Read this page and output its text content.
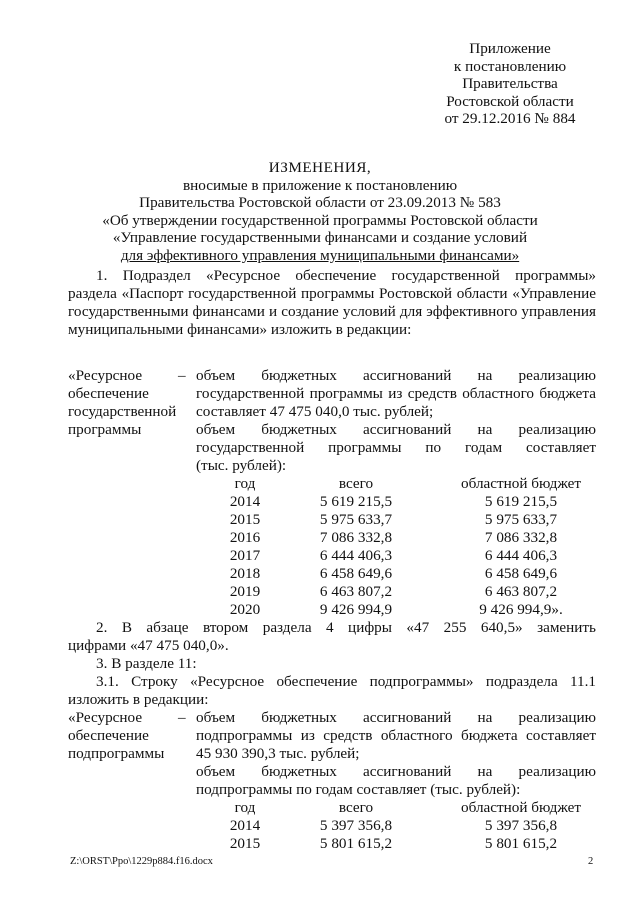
Приложение
к постановлению
Правительства
Ростовской области
от 29.12.2016 № 884
ИЗМЕНЕНИЯ,
вносимые в приложение к постановлению
Правительства Ростовской области от 23.09.2013 № 583
«Об утверждении государственной программы Ростовской области
«Управление государственными финансами и создание условий
для эффективного управления муниципальными финансами»
1. Подраздел «Ресурсное обеспечение государственной программы»
раздела «Паспорт государственной программы Ростовской области «Управление
государственными финансами и создание условий для эффективного управления
муниципальными финансами» изложить в редакции:
«Ресурсное
обеспечение
государственной
программы
– объем бюджетных ассигнований на реализацию
государственной программы из средств областного бюджета
составляет 47 475 040,0 тыс. рублей;
объем бюджетных ассигнований на реализацию
государственной программы по годам составляет
(тыс. рублей):
год	всего	областной бюджет
2014	5 619 215,5	5 619 215,5
2015	5 975 633,7	5 975 633,7
2016	7 086 332,8	7 086 332,8
2017	6 444 406,3	6 444 406,3
2018	6 458 649,6	6 458 649,6
2019	6 463 807,2	6 463 807,2
2020	9 426 994,9	9 426 994,9».
2. В абзаце втором раздела 4 цифры «47 255 640,5» заменить
цифрами «47 475 040,0».
3. В разделе 11:
3.1. Строку «Ресурсное обеспечение подпрограммы» подраздела 11.1
изложить в редакции:
«Ресурсное
обеспечение
подпрограммы
– объем бюджетных ассигнований на реализацию
подпрограммы из средств областного бюджета составляет
45 930 390,3 тыс. рублей;
объем бюджетных ассигнований на реализацию
подпрограммы по годам составляет (тыс. рублей):
год	всего	областной бюджет
2014	5 397 356,8	5 397 356,8
2015	5 801 615,2	5 801 615,2
Z:\ORST\Ppo\1229p884.f16.docx	2
